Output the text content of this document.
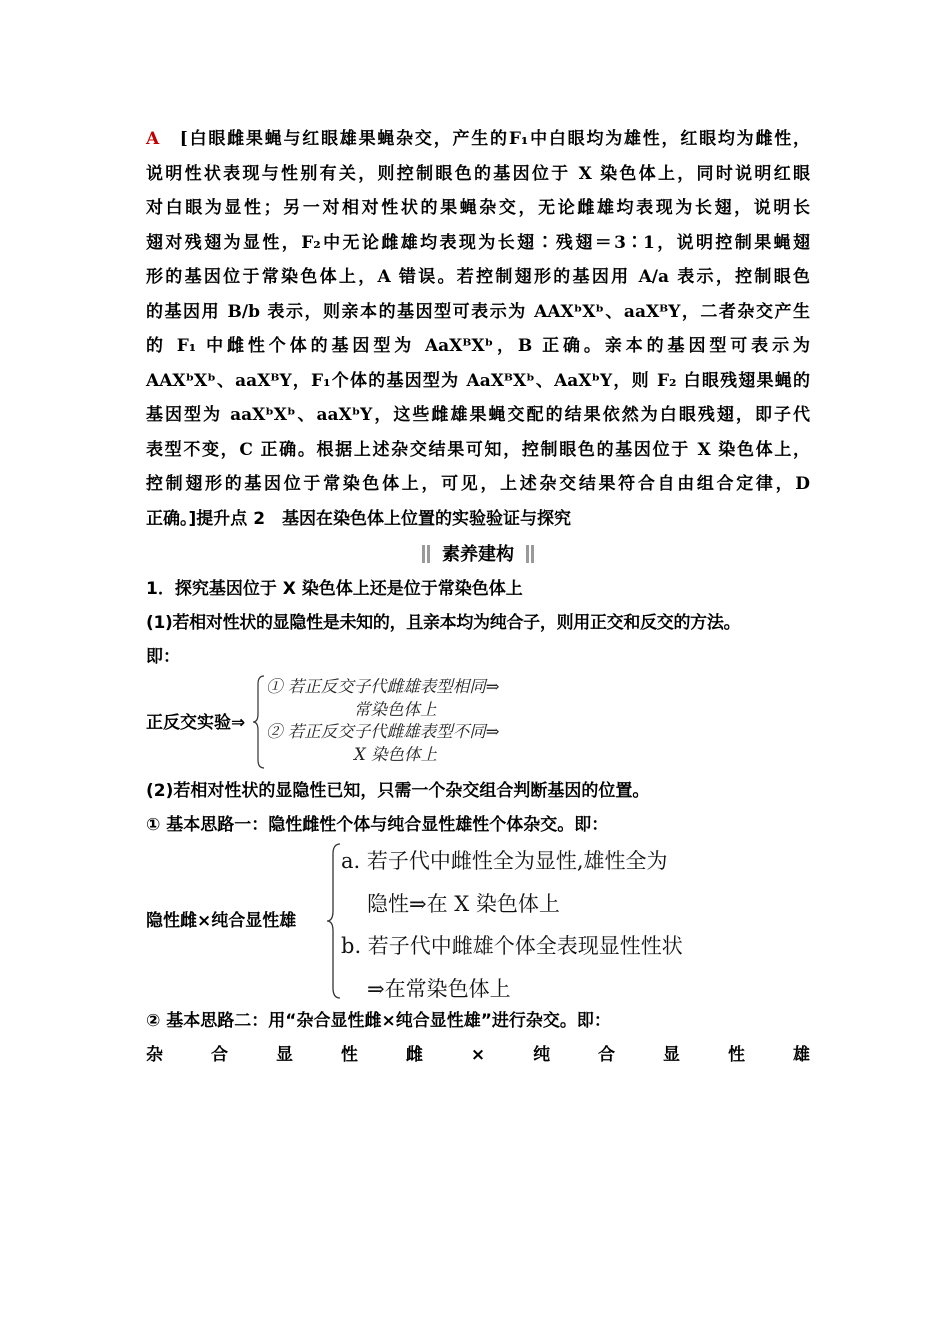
A　 [白眼雌果蝇与红眼雄果蝇杂交，产生的F₁中白眼均为雄性，红眼均为雌性，

说明性状表现与性别有关，则控制眼色的基因位于 X 染色体上，同时说明红眼

对白眼为显性；另一对相对性状的果蝇杂交，无论雌雄均表现为长翅，说明长

翅对残翅为显性，F₂中无论雌雄均表现为长翅∶残翅＝3∶1，说明控制果蝇翅

形的基因位于常染色体上，A 错误。若控制翅形的基因用 A/a 表示，控制眼色

的基因用 B/b 表示，则亲本的基因型可表示为 AAXᵇXᵇ、aaXᴮY，二者杂交产生

的 F₁ 中雌性个体的基因型为 AaXᴮXᵇ，B 正确。亲本的基因型可表示为

AAXᵇXᵇ、aaXᴮY，F₁个体的基因型为 AaXᴮXᵇ、AaXᵇY，则 F₂ 白眼残翅果蝇的

基因型为 aaXᵇXᵇ、aaXᵇY，这些雌雄果蝇交配的结果依然为白眼残翅，即子代

表型不变，C 正确。根据上述杂交结果可知，控制眼色的基因位于 X 染色体上，

控制翅形的基因位于常染色体上，可见，上述杂交结果符合自由组合定律，D

正确。]提升点 2　基因在染色体上位置的实验验证与探究

素养建构

1．探究基因位于 X 染色体上还是位于常染色体上

(1)若相对性状的显隐性是未知的，且亲本均为纯合子，则用正交和反交的方法。

即：

正反交实验⇒
① 若正反交子代雌雄表型相同⇒
常染色体上
② 若正反交子代雌雄表型不同⇒
X 染色体上

(2)若相对性状的显隐性已知，只需一个杂交组合判断基因的位置。

① 基本思路一：隐性雌性个体与纯合显性雄性个体杂交。即：

隐性雌×纯合显性雄
a. 若子代中雌性全为显性,雄性全为
隐性⇒在 X 染色体上
b. 若子代中雌雄个体全表现显性性状
⇒在常染色体上

② 基本思路二：用“杂合显性雌×纯合显性雄”进行杂交。即：

杂	合	显	性	雌	×	纯	合	显	性	雄
